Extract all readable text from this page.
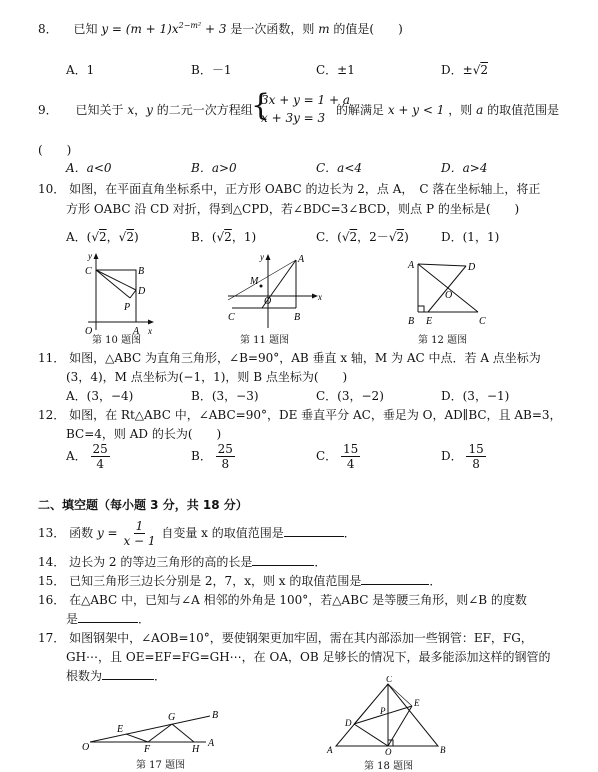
8． 已知 $y = (m + 1)x^{2-m^2} + 3$ 是一次函数，则 m 的值是(　　)
A．1	B．－1	C．±1	D．±√2
9． 已知关于 x，y 的二元一次方程组
{
3x + y = 1 + a
x + 3y = 3
的解满足 x + y < 1 ，则 a 的取值范围是
(　　)
A．a<0	B．a>0	C．a<4	D．a>4
10． 如图，在平面直角坐标系中，正方形 OABC 的边长为 2，点 A，　C 落在坐标轴上，将正
方形 OABC 沿 CD 对折，得到△CPD，若∠BDC=3∠BCD，则点 P 的坐标是(　　)
A．(√2，√2)	B．(√2，1)	C．(√2，2－√2)	D．(1，1)
y
C	B
D
P
O	A x
第 10 题图
y	A
M
O	x
C	B
第 11 题图
A	D
O
B E	C
第 12 题图
11． 如图，△ABC 为直角三角形，∠B=90°，AB 垂直 x 轴，M 为 AC 中点．若 A 点坐标为
(3，4)，M 点坐标为(−1，1)，则 B 点坐标为(　　)
A．(3，−4)	B．(3，−3)	C．(3，−2)	D．(3，−1)
12． 如图，在 Rt△ABC 中，∠ABC=90°，DE 垂直平分 AC，垂足为 O，AD∥BC，且 AB=3，
BC=4，则 AD 的长为(　　)
A． $\frac{25}{4}$	B． $\frac{25}{8}$	C． $\frac{15}{4}$	D． $\frac{15}{8}$
二、填空题（每小题 3 分，共 18 分）
13． 函数 $y = \frac{1}{x - 1}$ 自变量 x 的取值范围是	．
14． 边长为 2 的等边三角形的高的长是	．
15． 已知三角形三边长分别是 2，7，x，则 x 的取值范围是	．
16． 在△ABC 中，已知与∠A 相邻的外角是 100°，若△ABC 是等腰三角形，则∠B 的度数
是	．
17． 如图钢架中，∠AOB=10°，要使钢架更加牢固，需在其内部添加一些钢管：EF，FG，
GH⋯，且 OE=EF=FG=GH⋯，在 OA，OB 足够长的情况下，最多能添加这样的钢管的
根数为	．
O
E
G	B
F	H
A
第 17 题图
C
P
E
D
A	O	B
第 18 题图
